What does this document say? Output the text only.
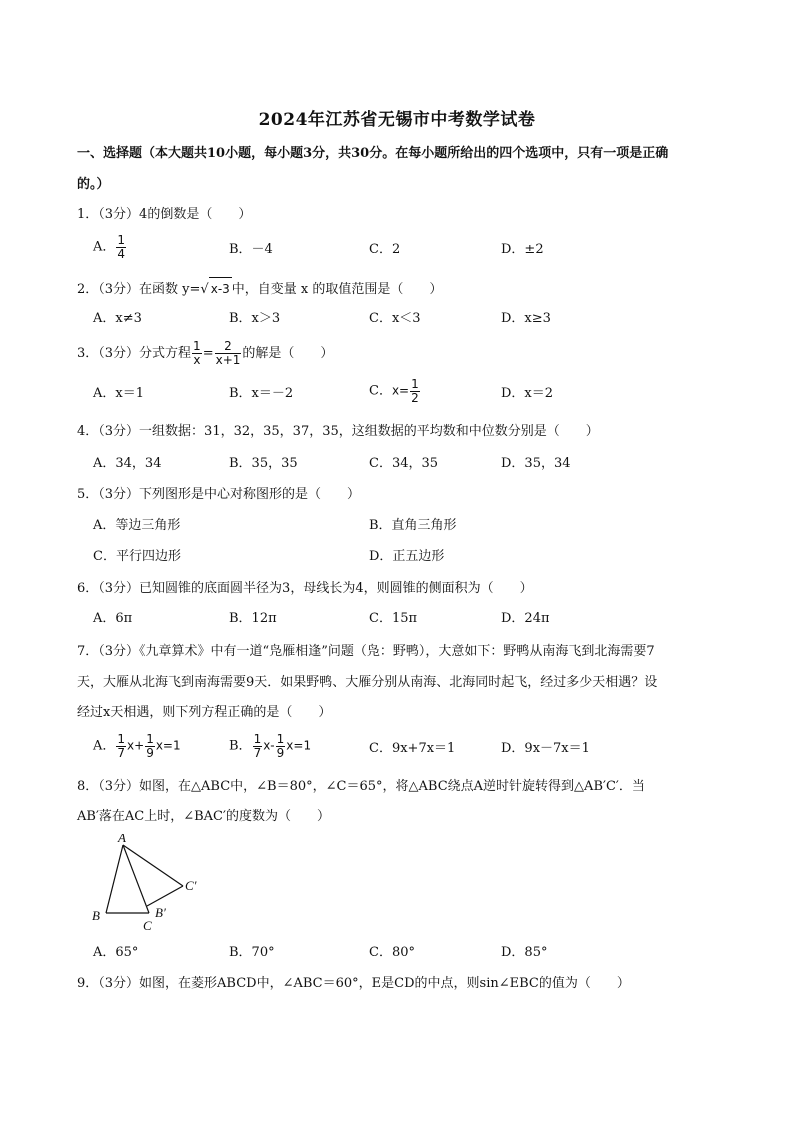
2024年江苏省无锡市中考数学试卷
一、选择题（本大题共10小题，每小题3分，共30分。在每小题所给出的四个选项中，只有一项是正确
的。）
1．（3分）4的倒数是（　　）
A． $\frac{1}{4}$	B．－4	C．2	D．±2
2．（3分）在函数 y=√ x-3 中，自变量 x 的取值范围是（　　）
A．x≠3	B．x＞3	C．x＜3	D．x≥3
3．（3分）分式方程 $\frac{1}{x} = \frac{2}{x+1}$ 的解是（　　）
A．x＝1	B．x＝－2	C．$x= \frac{1}{2}$	D．x＝2
4．（3分）一组数据：31，32，35，37，35，这组数据的平均数和中位数分别是（　　）
A．34，34	B．35，35	C．34，35	D．35，34
5．（3分）下列图形是中心对称图形的是（　　）
A．等边三角形	B．直角三角形
C．平行四边形	D．正五边形
6．（3分）已知圆锥的底面圆半径为3，母线长为4，则圆锥的侧面积为（　　）
A．6π	B．12π	C．15π	D．24π
7．（3分）《九章算术》中有一道“凫雁相逢”问题（凫：野鸭），大意如下：野鸭从南海飞到北海需要7
天，大雁从北海飞到南海需要9天．如果野鸭、大雁分别从南海、北海同时起飞，经过多少天相遇？设
经过x天相遇，则下列方程正确的是（　　）
A． $\frac{1}{7} x+ \frac{1}{9} x=1$	B． $\frac{1}{7} x- \frac{1}{9} x=1$	C．9x+7x＝1	D．9x－7x＝1
8．（3分）如图，在△ABC中，∠B＝80°，∠C＝65°，将△ABC绕点A逆时针旋转得到△AB′C′．当
AB′落在AC上时，∠BAC′的度数为（　　）
A
B
C
B′
C′
A．65°	B．70°	C．80°	D．85°
9．（3分）如图，在菱形ABCD中，∠ABC＝60°，E是CD的中点，则sin∠EBC的值为（　　）
